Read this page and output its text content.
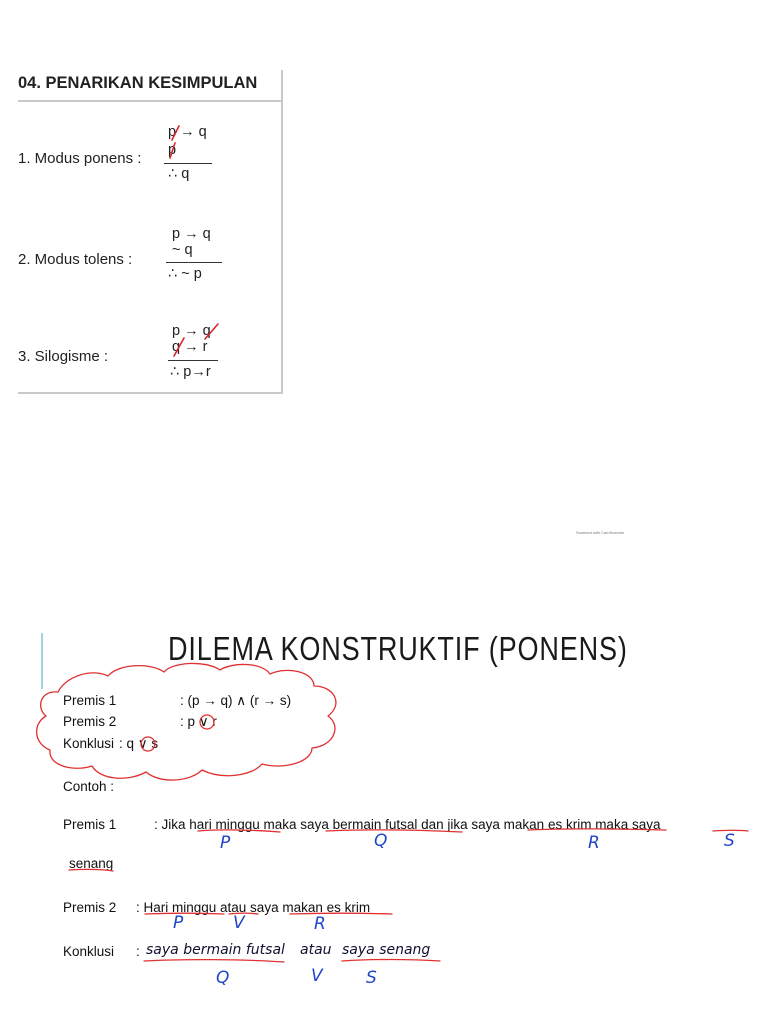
04. PENARIKAN KESIMPULAN
1. Modus ponens :
p → q
p
∴ q
2. Modus tolens :
p → q
~ q
∴ ~ p
3. Silogisme :
p → q
q → r
∴ p→r
Scanned with CamScanner
DILEMA KONSTRUKTIF (PONENS)
Premis 1	: (p → q) ∧ (r → s)
Premis 2	: p ∨ r
Konklusi : q ∨ s
Contoh :
Premis 1	: Jika hari minggu maka saya bermain futsal dan jika saya makan es krim maka saya
senang
P	Q	R	S
Premis 2 : Hari minggu atau saya makan es krim
P	V	R
Konklusi : saya bermain futsal atau saya senang
Q	V	S
